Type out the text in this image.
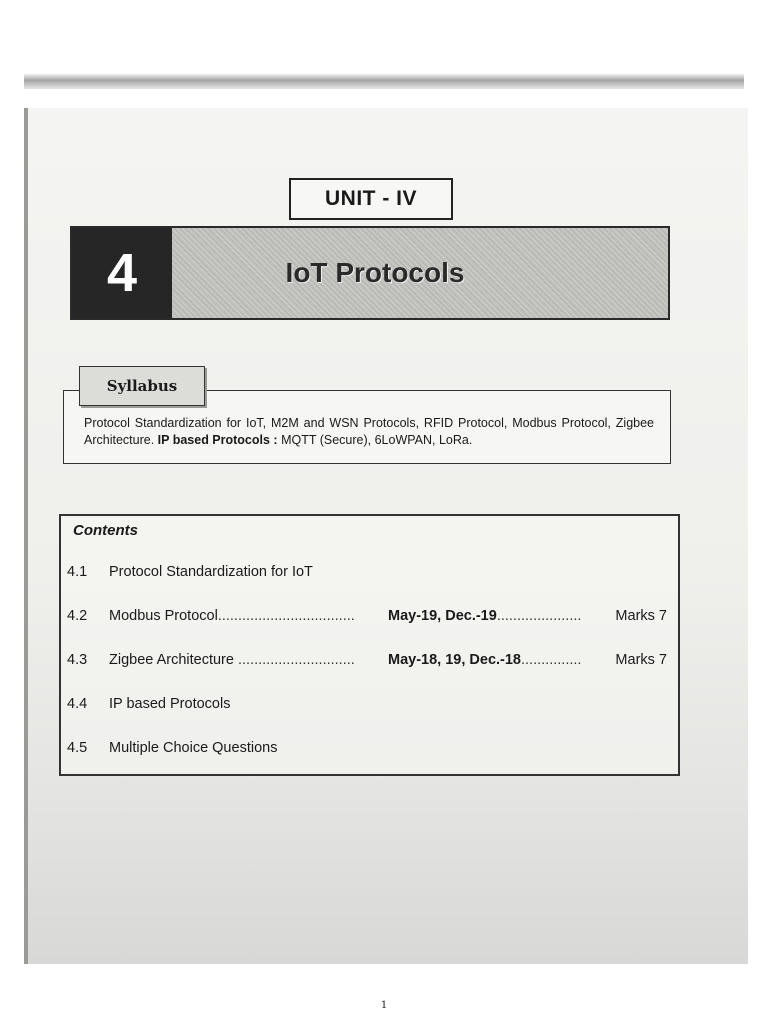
UNIT - IV
4	IoT Protocols
Protocol Standardization for IoT, M2M and WSN Protocols, RFID Protocol, Modbus Protocol, Zigbee Architecture. IP based Protocols : MQTT (Secure), 6LoWPAN, LoRa.
Syllabus
Contents
4.1 Protocol Standardization for IoT
4.2 Modbus Protocol.................................. May-19, Dec.-19..................... Marks 7
4.3 Zigbee Architecture ............................. May-18, 19, Dec.-18............... Marks 7
4.4 IP based Protocols
4.5 Multiple Choice Questions
1
